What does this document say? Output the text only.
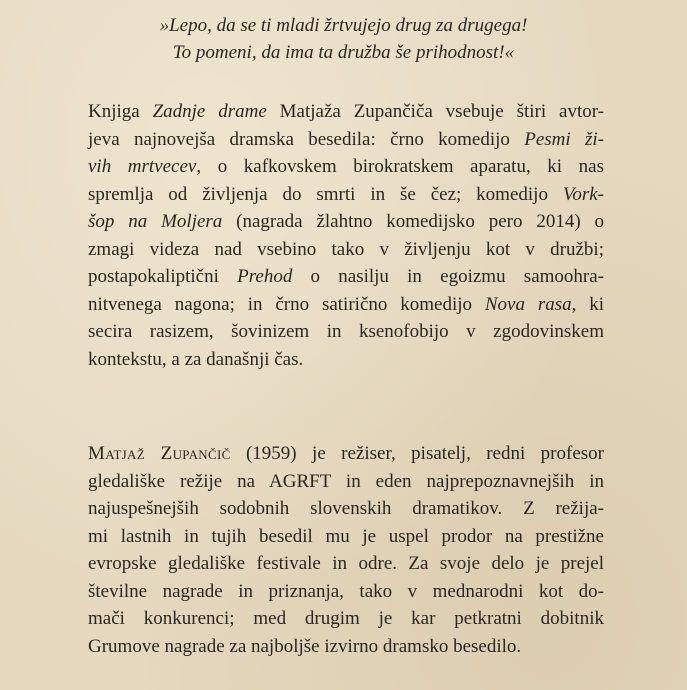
»Lepo, da se ti mladi žrtvujejo drug za drugega!
To pomeni, da ima ta družba še prihodnost!«
Knjiga Zadnje drame Matjaža Zupančiča vsebuje štiri avtor-
jeva najnovejša dramska besedila: črno komedijo Pesmi ži-
vih mrtvecev, o kafkovskem birokratskem aparatu, ki nas
spremlja od življenja do smrti in še čez; komedijo Vork-
šop na Moljera (nagrada žlahtno komedijsko pero 2014) o
zmagi videza nad vsebino tako v življenju kot v družbi;
postapokaliptični Prehod o nasilju in egoizmu samoohra-
nitvenega nagona; in črno satirično komedijo Nova rasa, ki
secira rasizem, šovinizem in ksenofobijo v zgodovinskem
kontekstu, a za današnji čas.
Matjaž Zupančič (1959) je režiser, pisatelj, redni profesor
gledališke režije na AGRFT in eden najprepoznavnejših in
najuspešnejših sodobnih slovenskih dramatikov. Z režija-
mi lastnih in tujih besedil mu je uspel prodor na prestižne
evropske gledališke festivale in odre. Za svoje delo je prejel
številne nagrade in priznanja, tako v mednarodni kot do-
mači konkurenci; med drugim je kar petkratni dobitnik
Grumove nagrade za najboljše izvirno dramsko besedilo.
